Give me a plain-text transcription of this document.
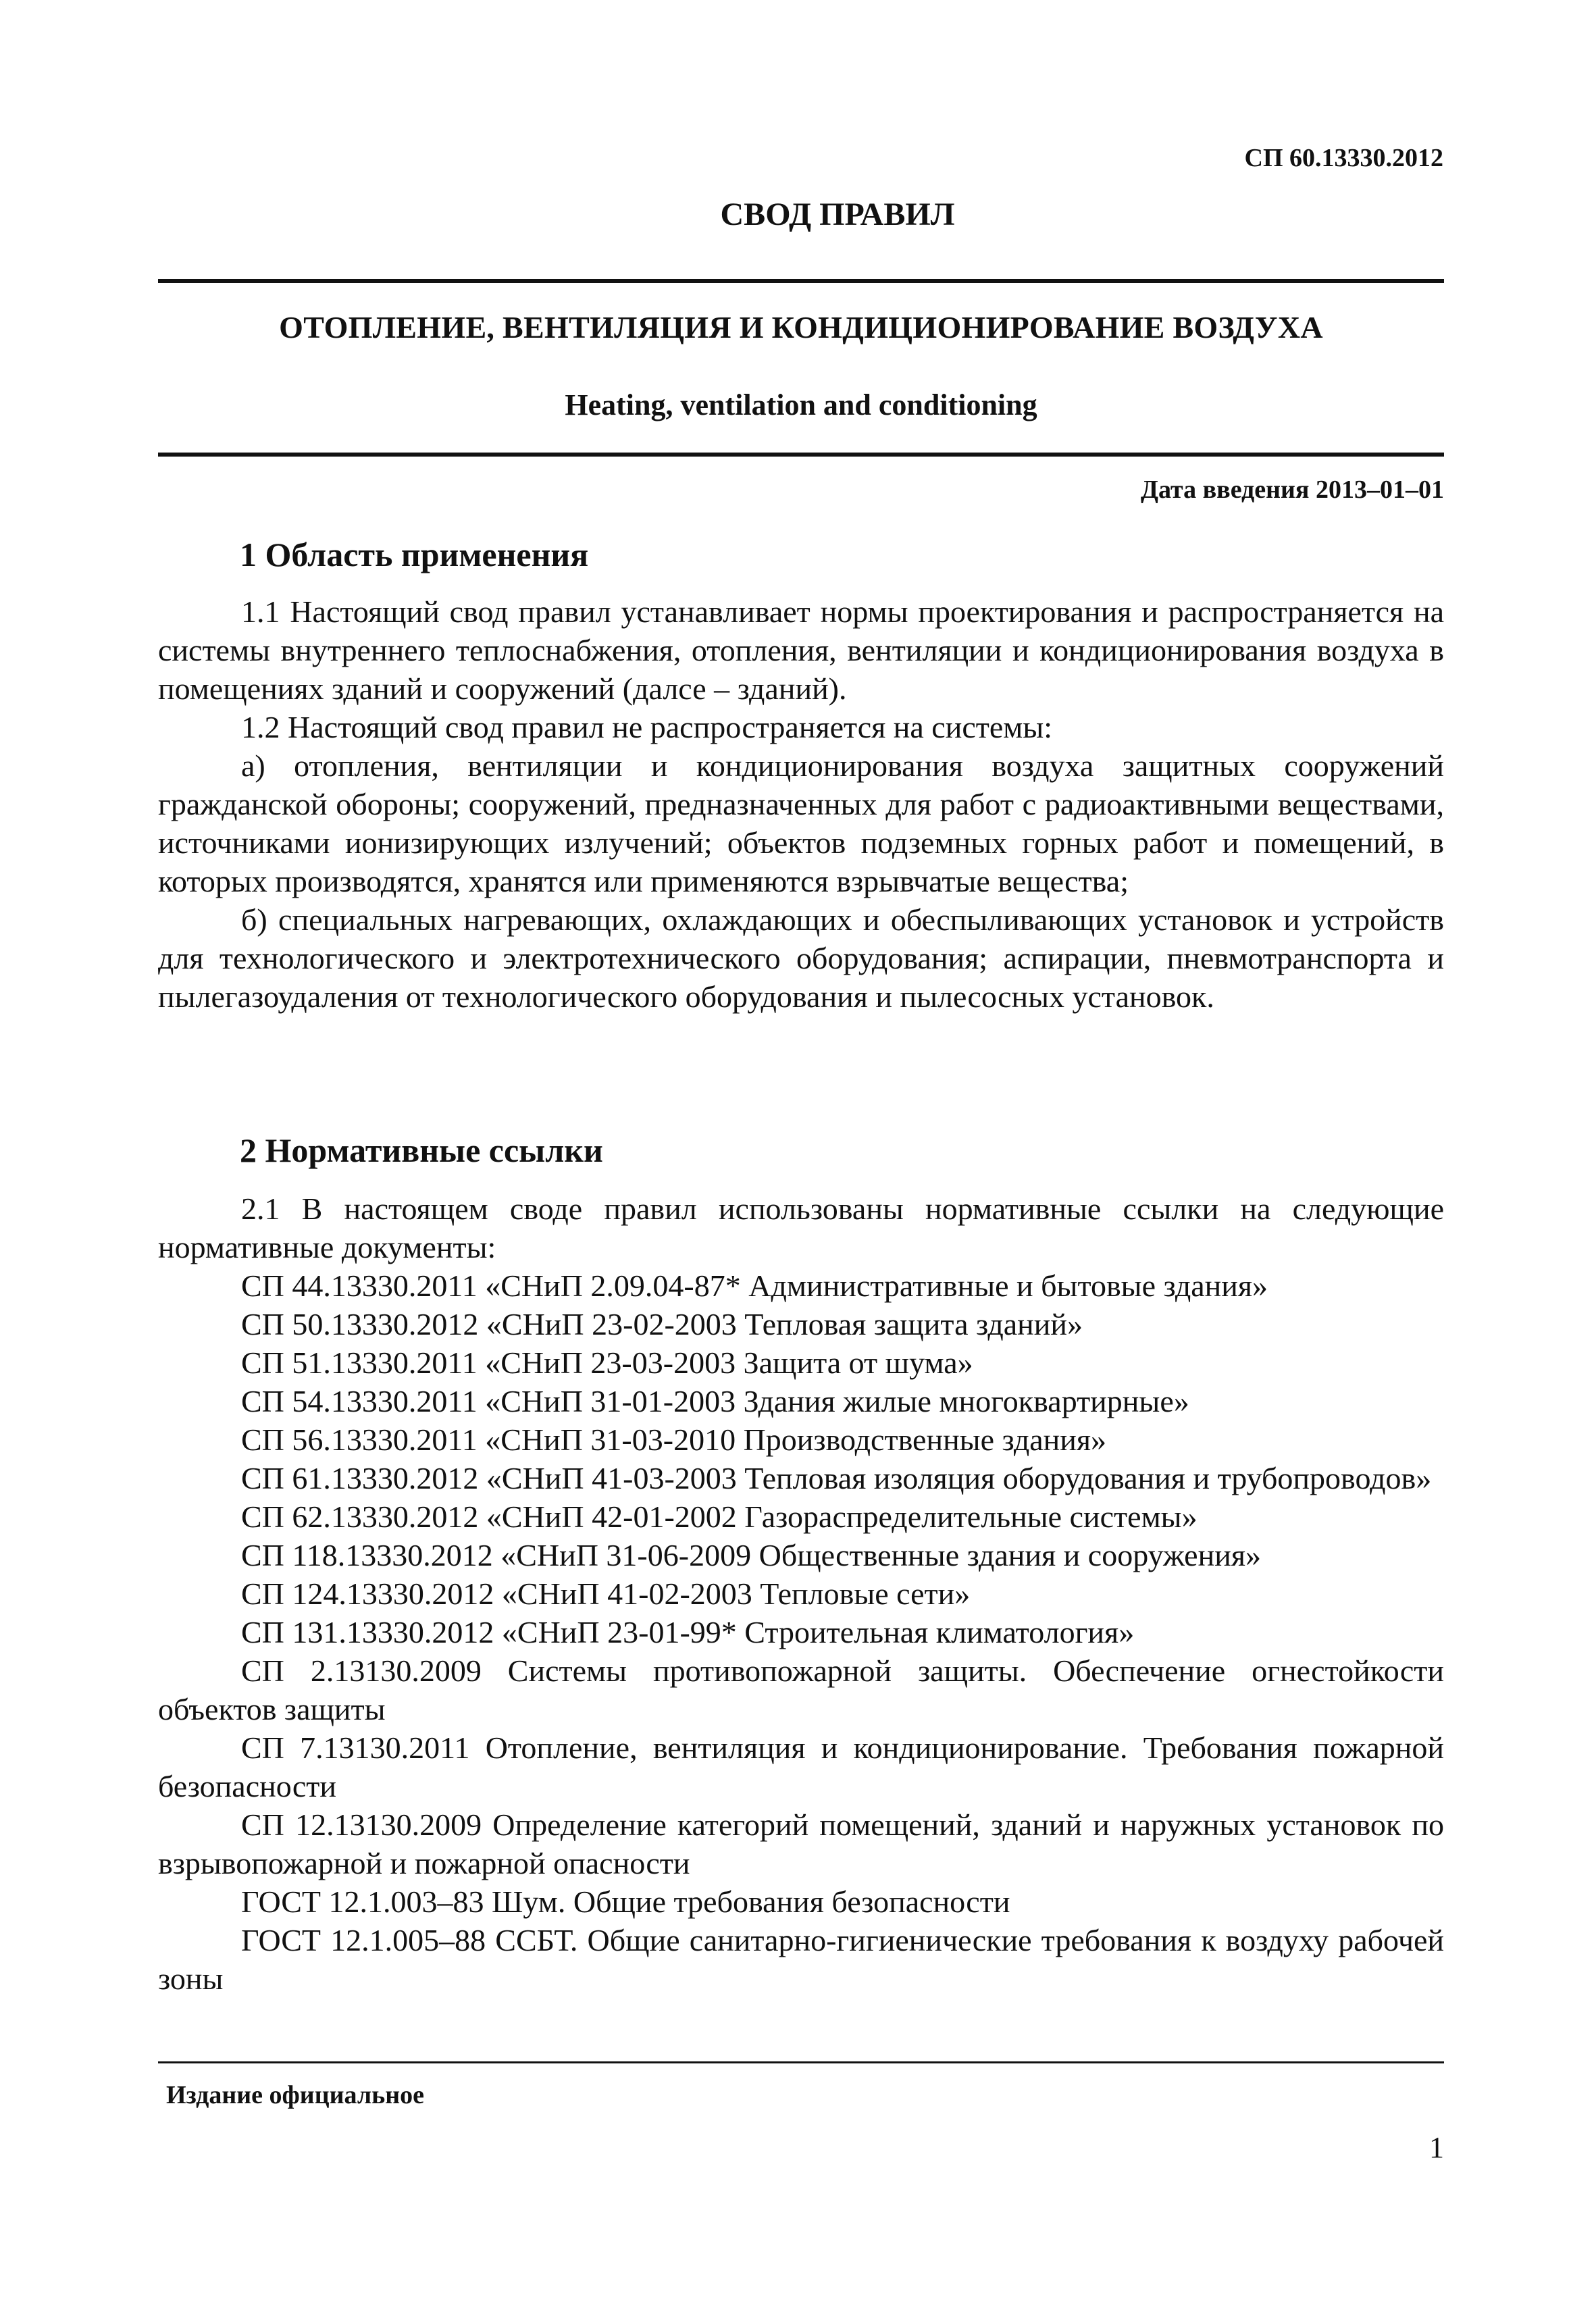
СП 60.13330.2012
СВОД ПРАВИЛ
ОТОПЛЕНИЕ, ВЕНТИЛЯЦИЯ И КОНДИЦИОНИРОВАНИЕ ВОЗДУХА
Heating, ventilation and conditioning
Дата введения 2013–01–01
1 Область применения

1.1 Настоящий свод правил устанавливает нормы проектирования и распространяется на системы внутреннего теплоснабжения, отопления, вентиляции и кондиционирования воздуха в помещениях зданий и сооружений (далсе – зданий).

1.2 Настоящий свод правил не распространяется на системы:

а) отопления, вентиляции и кондиционирования воздуха защитных сооружений гражданской обороны; сооружений, предназначенных для работ с радиоактивными веществами, источниками ионизирующих излучений; объектов подземных горных работ и помещений, в которых производятся, хранятся или применяются взрывчатые вещества;

б) специальных нагревающих, охлаждающих и обеспыливающих установок и устройств для технологического и электротехнического оборудования; аспирации, пневмотранспорта и пылегазоудаления от технологического оборудования и пылесосных установок.

2 Нормативные ссылки

2.1 В настоящем своде правил использованы нормативные ссылки на следующие нормативные документы:

СП 44.13330.2011 «СНиП 2.09.04-87* Административные и бытовые здания»

СП 50.13330.2012 «СНиП 23-02-2003 Тепловая защита зданий»

СП 51.13330.2011 «СНиП 23-03-2003 Защита от шума»

СП 54.13330.2011 «СНиП 31-01-2003 Здания жилые многоквартирные»

СП 56.13330.2011 «СНиП 31-03-2010 Производственные здания»

СП 61.13330.2012 «СНиП 41-03-2003 Тепловая изоляция оборудования и трубопроводов»

СП 62.13330.2012 «СНиП 42-01-2002 Газораспределительные системы»

СП 118.13330.2012 «СНиП 31-06-2009 Общественные здания и сооружения»

СП 124.13330.2012 «СНиП 41-02-2003 Тепловые сети»

СП 131.13330.2012 «СНиП 23-01-99* Строительная климатология»

СП 2.13130.2009 Системы противопожарной защиты. Обеспечение огнестойкости объектов защиты

СП 7.13130.2011 Отопление, вентиляция и кондиционирование. Требования пожарной безопасности

СП 12.13130.2009 Определение категорий помещений, зданий и наружных установок по взрывопожарной и пожарной опасности

ГОСТ 12.1.003–83 Шум. Общие требования безопасности

ГОСТ 12.1.005–88 ССБТ. Общие санитарно-гигиенические требования к воздуху рабочей зоны

Издание официальное
1
